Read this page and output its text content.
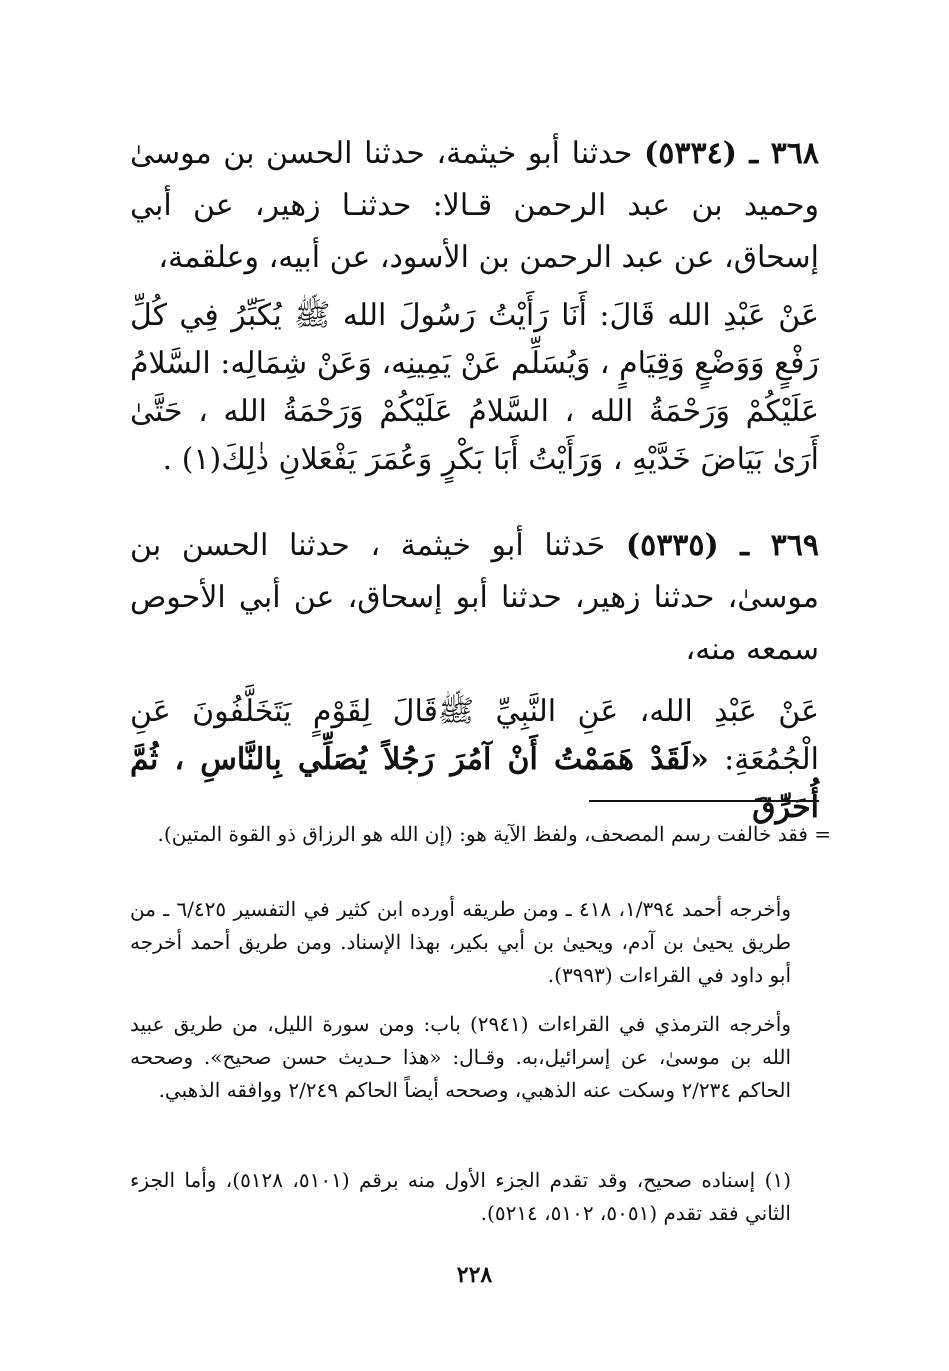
٣٦٨ ـ (٥٣٣٤) حدثنا أبو خيثمة، حدثنا الحسن بن موسىٰ وحميد بن عبد الرحمن قـالا: حدثنـا زهير، عن أبي إسحاق، عن عبد الرحمن بن الأسود، عن أبيه، وعلقمة،
عَنْ عَبْدِ الله قَالَ: أَنَا رَأَيْتُ رَسُولَ الله ﷺ يُكَبِّرُ فِي كُلِّ رَفْعٍ وَوَضْعٍ وَقِيَامٍ ، وَيُسَلِّم عَنْ يَمِينِه، وَعَنْ شِمَالِه: السَّلامُ عَلَيْكُمْ وَرَحْمَةُ الله ، السَّلامُ عَلَيْكُمْ وَرَحْمَةُ الله ، حَتَّىٰ أَرَىٰ بَيَاضَ خَدَّيْهِ ، وَرَأَيْتُ أَبَا بَكْرٍ وَعُمَرَ يَفْعَلانِ ذٰلِكَ(١) .
٣٦٩ ـ (٥٣٣٥) حَدثنا أبو خيثمة ، حدثنا الحسن بن موسىٰ، حدثنا زهير، حدثنا أبو إسحاق، عن أبي الأحوص سمعه منه،
عَنْ عَبْدِ الله، عَنِ النَّبِيِّ ﷺقَالَ لِقَوْمٍ يَتَخَلَّفُونَ عَنِ الْجُمُعَةِ: «لَقَدْ هَمَمْتُ أَنْ آمُرَ رَجُلاً يُصَلِّي بِالنَّاسِ ، ثُمَّ أُحَرِّقَ
= فقد خالفت رسم المصحف، ولفظ الآية هو: (إن الله هو الرزاق ذو القوة المتين).
وأخرجه أحمد ١/٣٩٤، ٤١٨ ـ ومن طريقه أورده ابن كثير في التفسير ٦/٤٢٥ ـ من طريق يحيىٰ بن آدم، ويحيىٰ بن أبي بكير، بهذا الإسناد. ومن طريق أحمد أخرجه أبو داود في القراءات (٣٩٩٣).
وأخرجه الترمذي في القراءات (٢٩٤١) باب: ومن سورة الليل، من طريق عبيد الله بن موسىٰ، عن إسرائيل،به. وقـال: «هذا حـديث حسن صحيح». وصححه الحاكم ٢/٢٣٤ وسكت عنه الذهبي، وصححه أيضاً الحاكم ٢/٢٤٩ ووافقه الذهبي.
(١) إسناده صحيح، وقد تقدم الجزء الأول منه برقم (٥١٠١، ٥١٢٨)، وأما الجزء الثاني فقد تقدم (٥٠٥١، ٥١٠٢، ٥٢١٤).
٢٢٨
